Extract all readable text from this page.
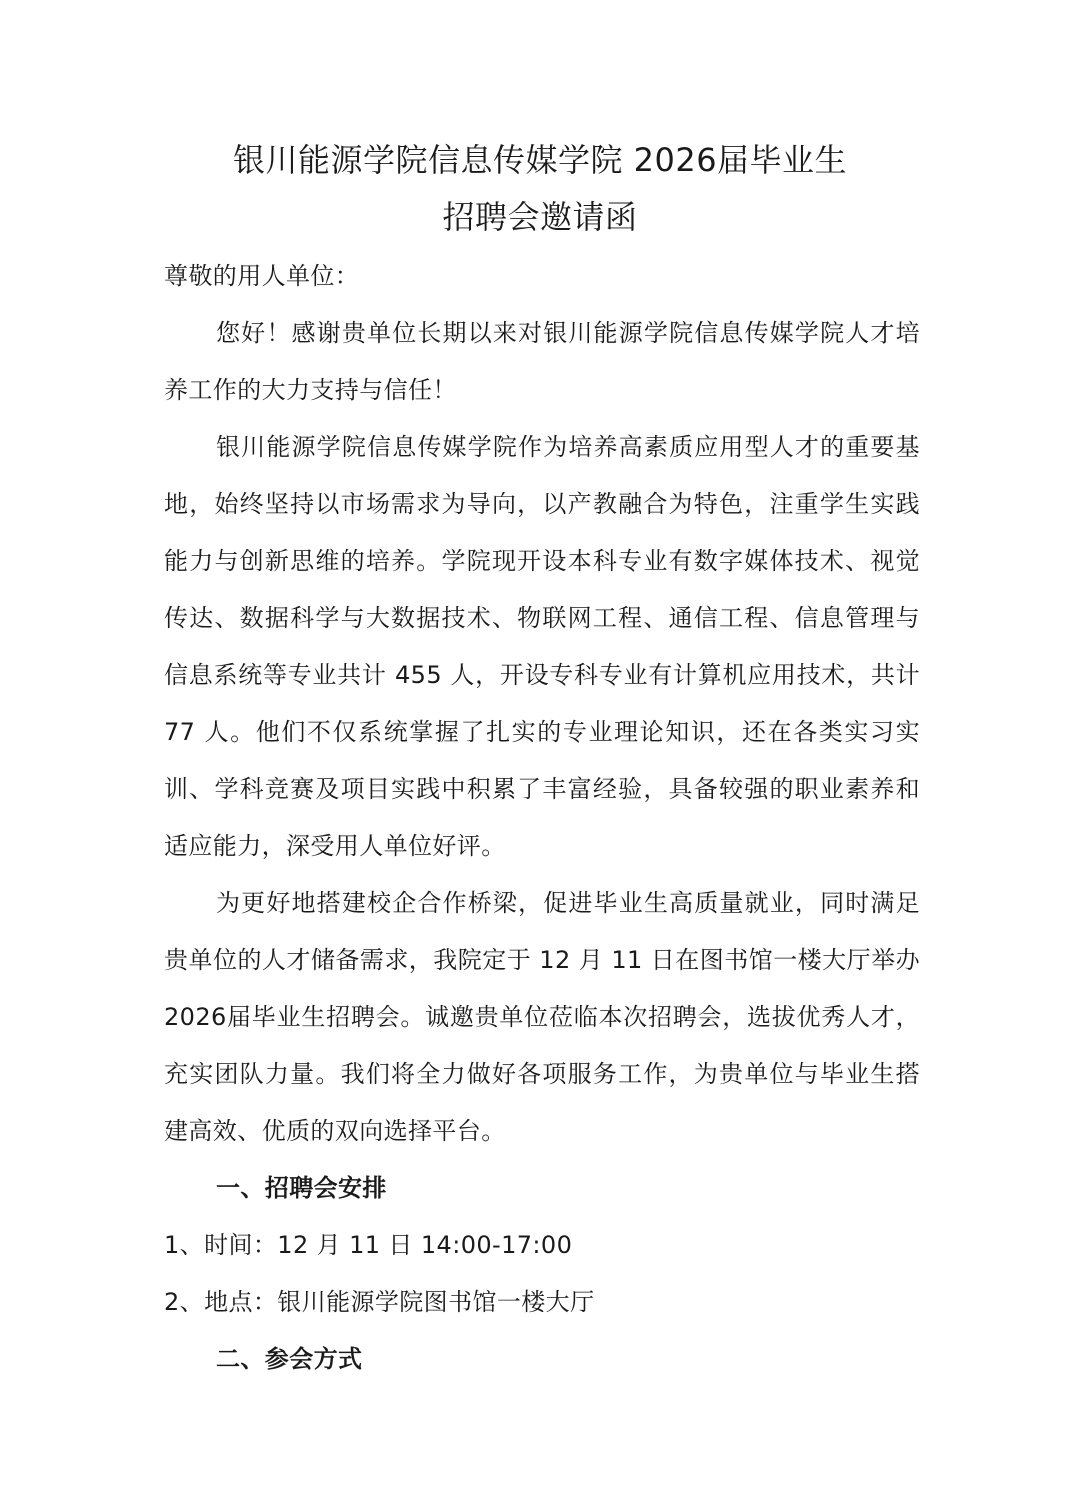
银川能源学院信息传媒学院 2026届毕业生
招聘会邀请函

尊敬的用人单位：

您好！感谢贵单位长期以来对银川能源学院信息传媒学院人才培养工作的大力支持与信任！

银川能源学院信息传媒学院作为培养高素质应用型人才的重要基地，始终坚持以市场需求为导向，以产教融合为特色，注重学生实践能力与创新思维的培养。学院现开设本科专业有数字媒体技术、视觉传达、数据科学与大数据技术、物联网工程、通信工程、信息管理与信息系统等专业共计 455 人，开设专科专业有计算机应用技术，共计 77 人。他们不仅系统掌握了扎实的专业理论知识，还在各类实习实训、学科竞赛及项目实践中积累了丰富经验，具备较强的职业素养和适应能力，深受用人单位好评。

为更好地搭建校企合作桥梁，促进毕业生高质量就业，同时满足贵单位的人才储备需求，我院定于 12 月 11 日在图书馆一楼大厅举办 2026届毕业生招聘会。诚邀贵单位莅临本次招聘会，选拔优秀人才，充实团队力量。我们将全力做好各项服务工作，为贵单位与毕业生搭建高效、优质的双向选择平台。

一、招聘会安排

1、时间：12 月 11 日 14:00-17:00

2、地点：银川能源学院图书馆一楼大厅

二、参会方式
